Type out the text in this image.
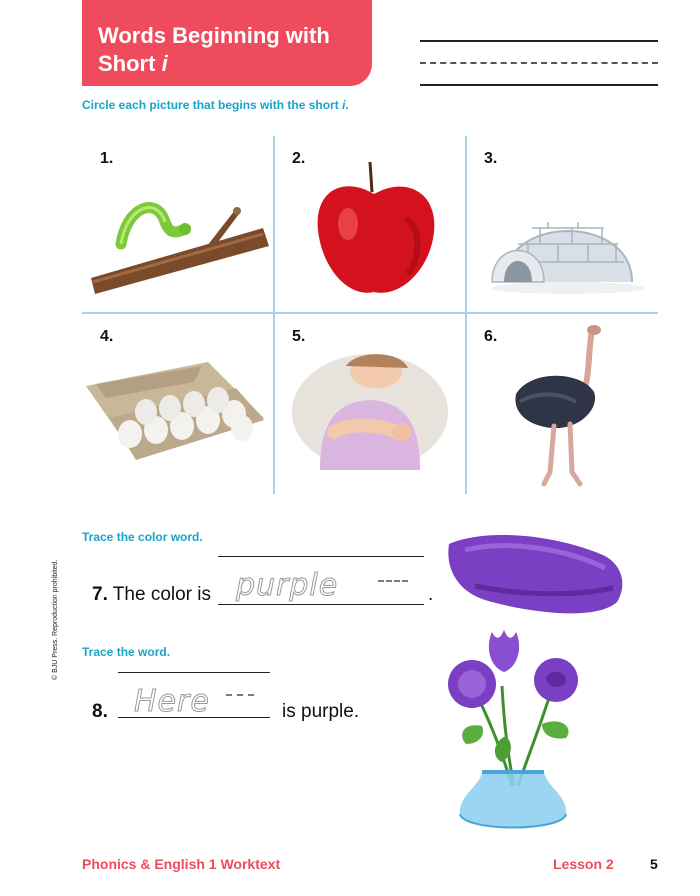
Words Beginning with
Short i
Circle each picture that begins with the short i.
1.	2.	3.
4.	5.	6.
© BJU Press. Reproduction prohibited.
Trace the color word.
7. The color is purple	.
Trace the word.
8. Here	is purple.
Phonics & English 1 Worktext	Lesson 2	5
